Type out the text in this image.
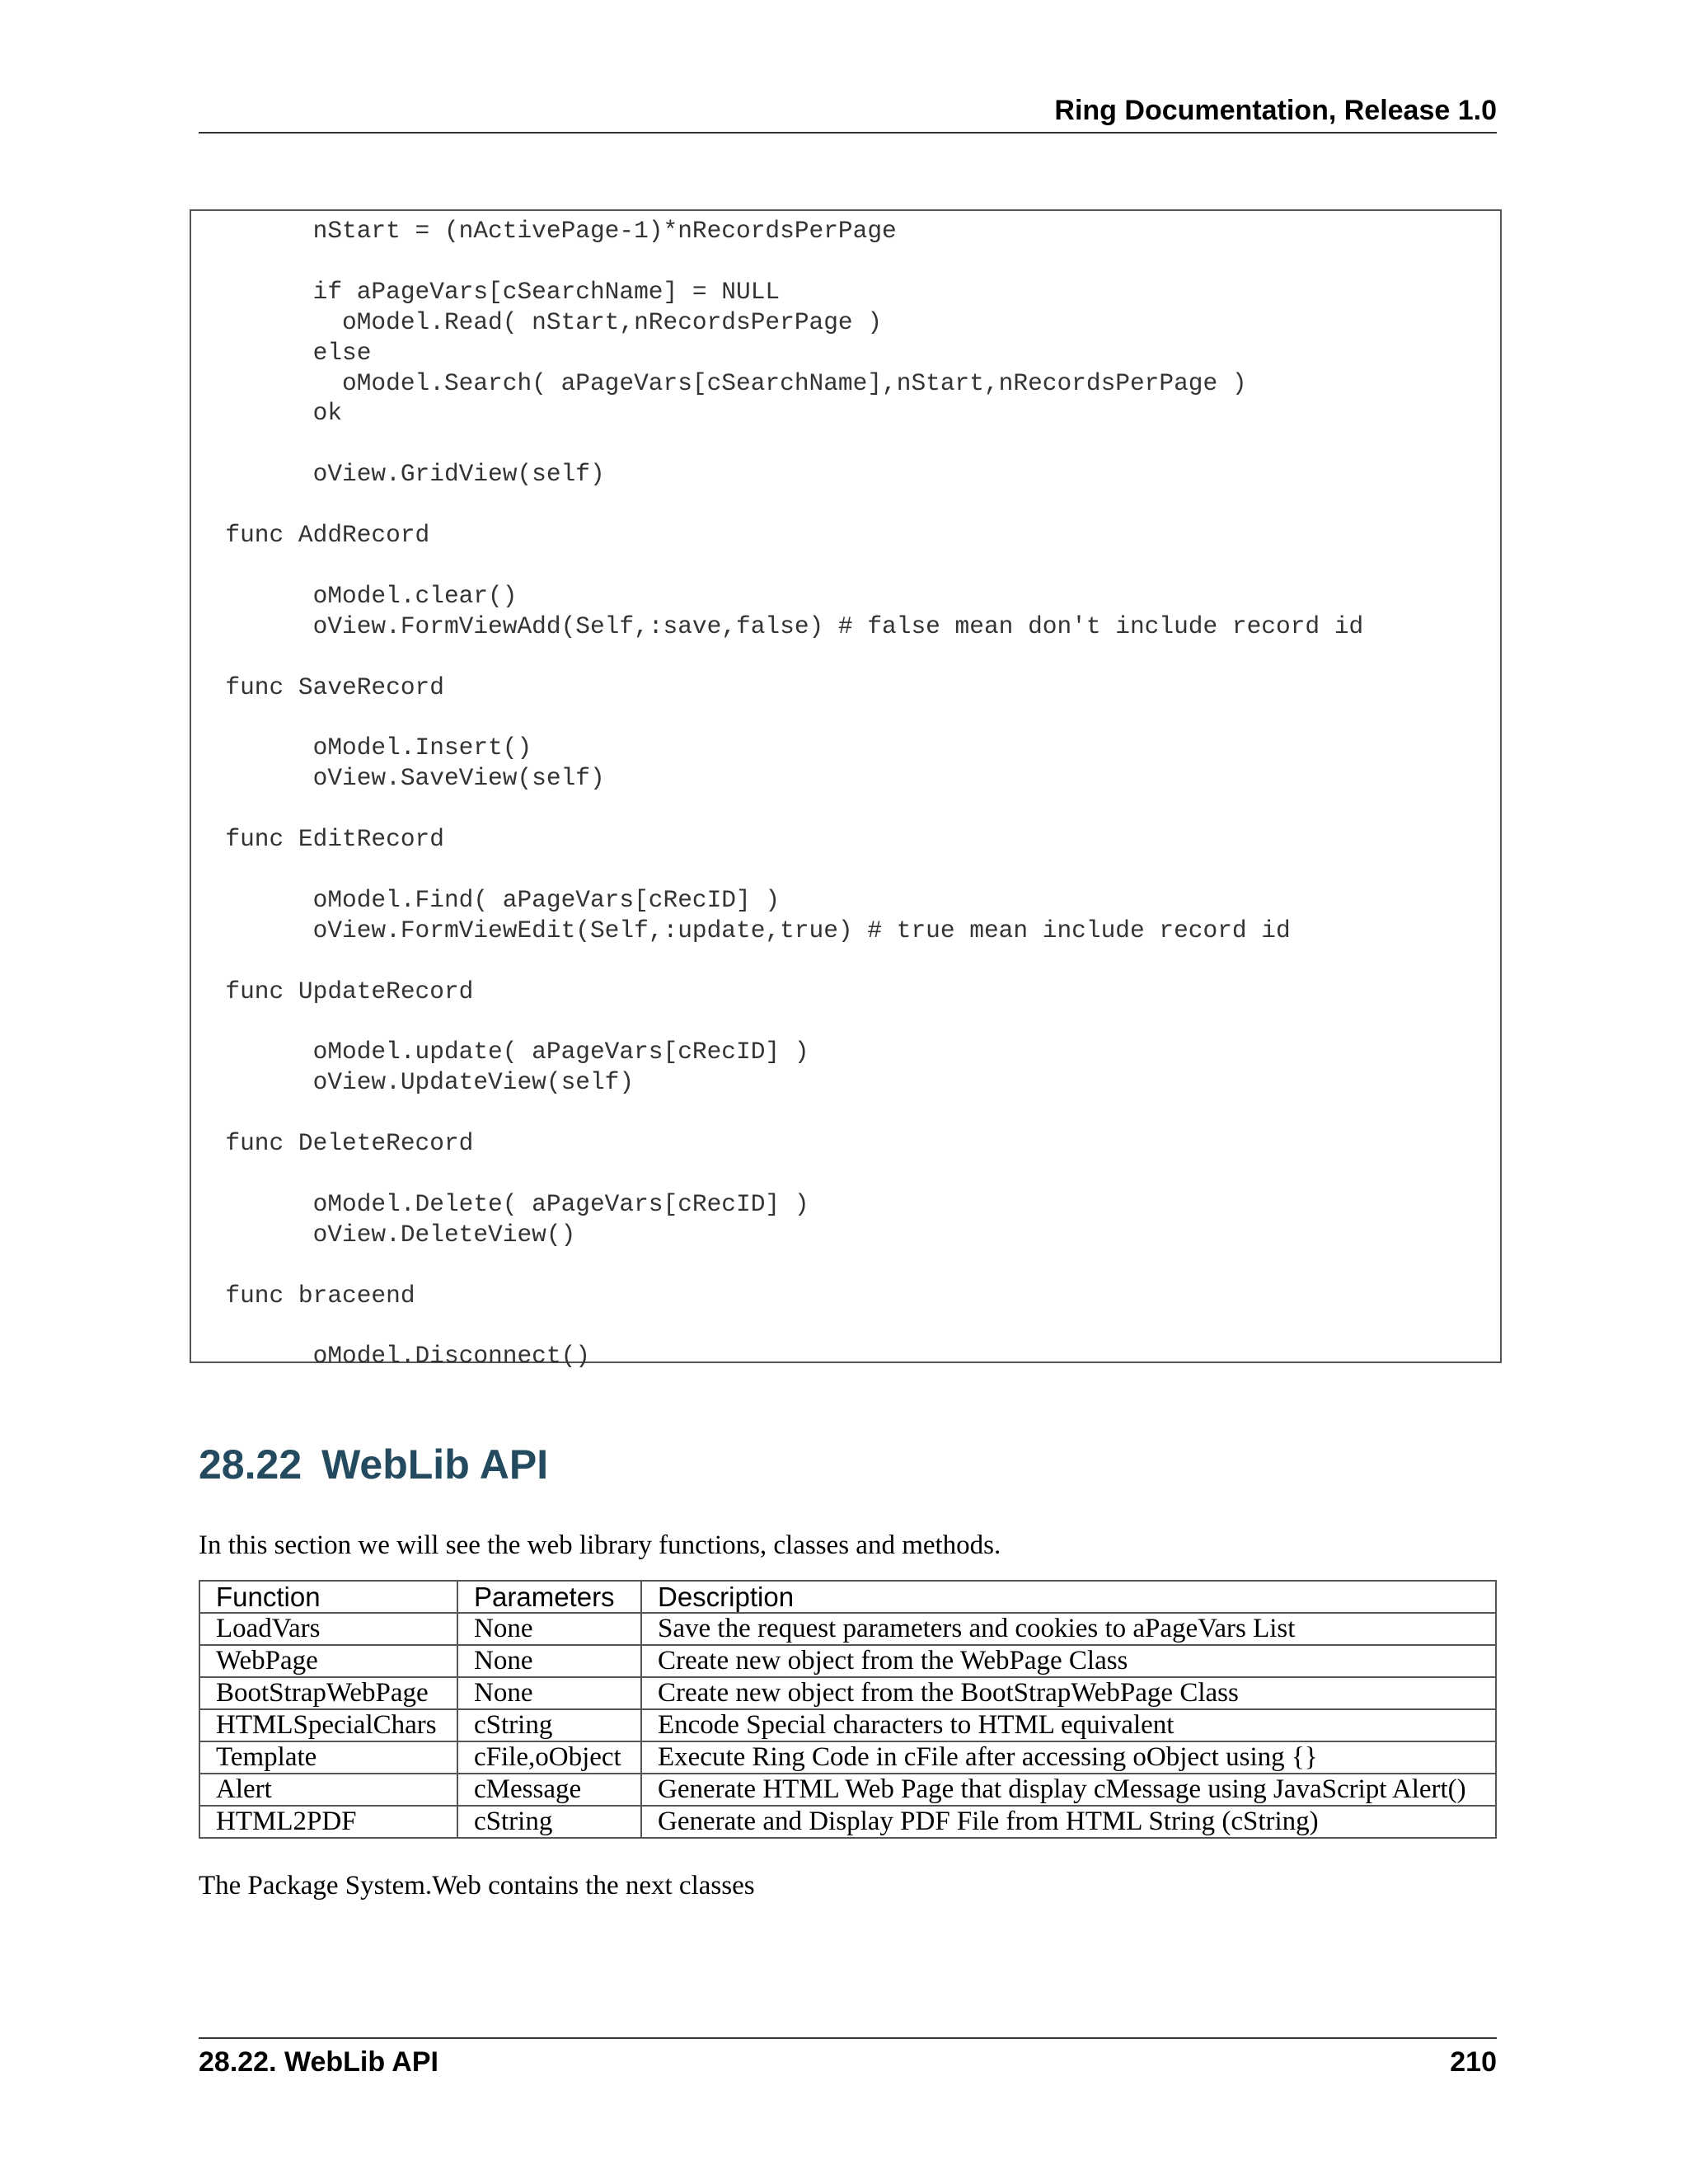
Ring Documentation, Release 1.0
nStart = (nActivePage-1)*nRecordsPerPage
if aPageVars[cSearchName] = NULL
oModel.Read( nStart,nRecordsPerPage )
else
oModel.Search( aPageVars[cSearchName],nStart,nRecordsPerPage )
ok
oView.GridView(self)
func AddRecord
oModel.clear()
oView.FormViewAdd(Self,:save,false) # false mean don't include record id
func SaveRecord
oModel.Insert()
oView.SaveView(self)
func EditRecord
oModel.Find( aPageVars[cRecID] )
oView.FormViewEdit(Self,:update,true) # true mean include record id
func UpdateRecord
oModel.update( aPageVars[cRecID] )
oView.UpdateView(self)
func DeleteRecord
oModel.Delete( aPageVars[cRecID] )
oView.DeleteView()
func braceend
oModel.Disconnect()
28.22 WebLib API
In this section we will see the web library functions, classes and methods.
Function	Parameters	Description
LoadVars	None	Save the request parameters and cookies to aPageVars List
WebPage	None	Create new object from the WebPage Class
BootStrapWebPage	None	Create new object from the BootStrapWebPage Class
HTMLSpecialChars	cString	Encode Special characters to HTML equivalent
Template	cFile,oObject	Execute Ring Code in cFile after accessing oObject using {}
Alert	cMessage	Generate HTML Web Page that display cMessage using JavaScript Alert()
HTML2PDF	cString	Generate and Display PDF File from HTML String (cString)
The Package System.Web contains the next classes
28.22. WebLib API	210
